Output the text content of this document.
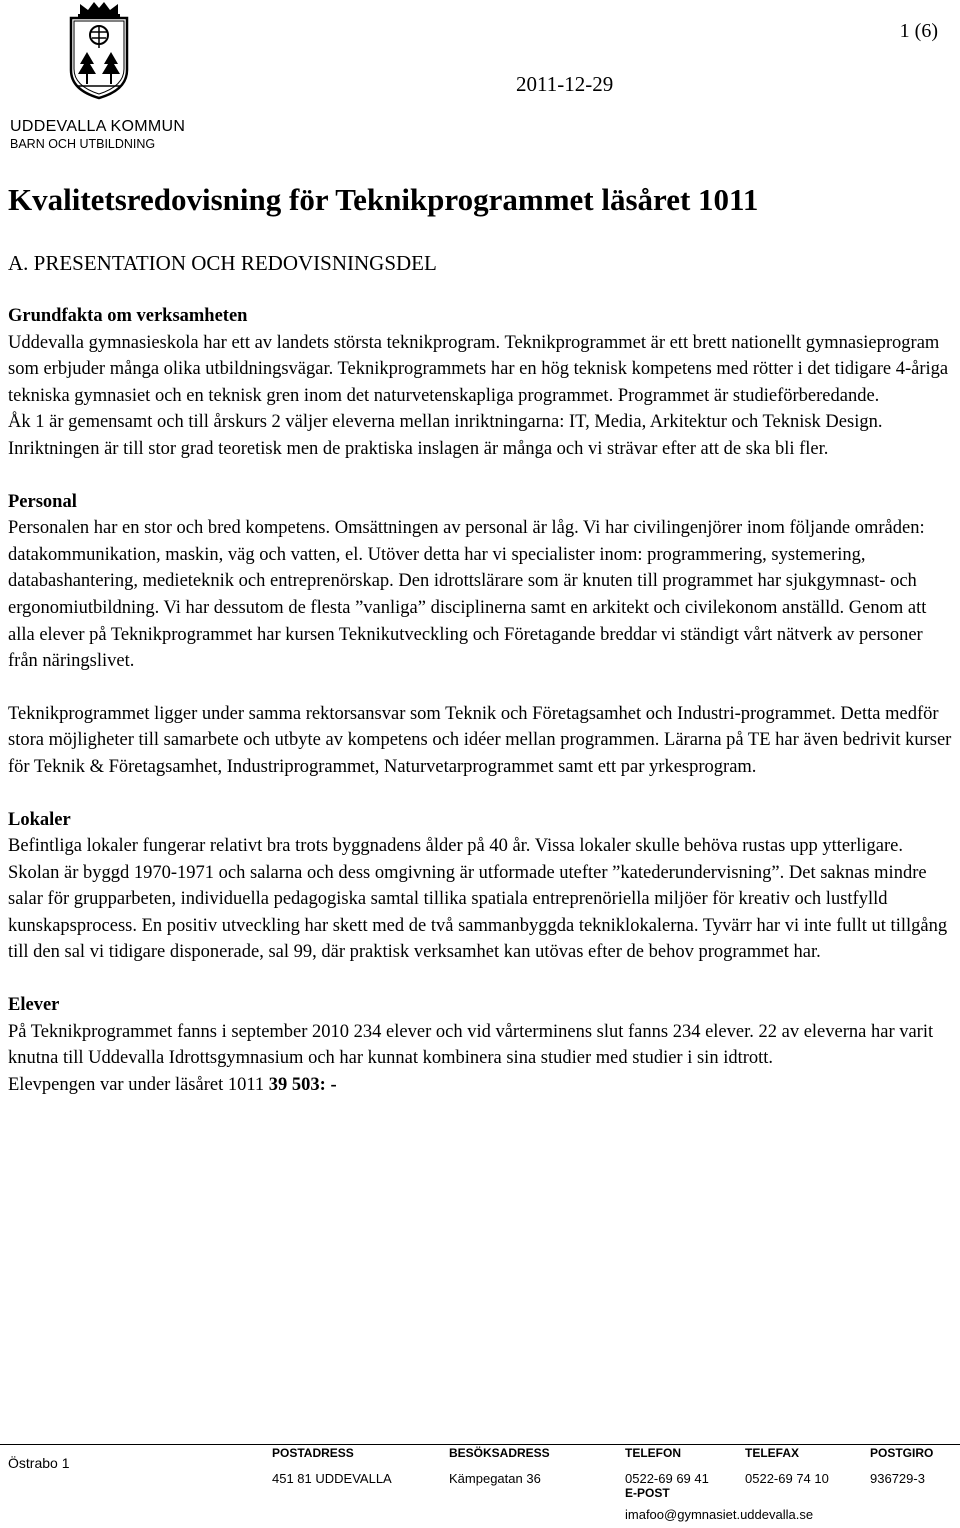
UDDEVALLA KOMMUN
BARN OCH UTBILDNING
1 (6)
2011-12-29
Kvalitetsredovisning för Teknikprogrammet läsåret 1011
A. PRESENTATION OCH REDOVISNINGSDEL

Grundfakta om verksamheten

Uddevalla gymnasieskola har ett av landets största teknikprogram. Teknikprogrammet är ett brett nationellt gymnasieprogram som erbjuder många olika utbildningsvägar. Teknikprogrammets har en hög teknisk kompetens med rötter i det tidigare 4-åriga tekniska gymnasiet och en teknisk gren inom det naturvetenskapliga programmet. Programmet är studieförberedande.

Åk 1 är gemensamt och till årskurs 2 väljer eleverna mellan inriktningarna: IT, Media, Arkitektur och Teknisk Design. Inriktningen är till stor grad teoretisk men de praktiska inslagen är många och vi strävar efter att de ska bli fler.

Personal

Personalen har en stor och bred kompetens. Omsättningen av personal är låg. Vi har civilingenjörer inom följande områden: datakommunikation, maskin, väg och vatten, el. Utöver detta har vi specialister inom: programmering, systemering, databashantering, medieteknik och entreprenörskap. Den idrottslärare som är knuten till programmet har sjukgymnast- och ergonomiutbildning. Vi har dessutom de flesta ”vanliga” disciplinerna samt en arkitekt och civilekonom anställd. Genom att alla elever på Teknikprogrammet har kursen Teknikutveckling och Företagande breddar vi ständigt vårt nätverk av personer från näringslivet.

Teknikprogrammet ligger under samma rektorsansvar som Teknik och Företagsamhet och Industri-programmet. Detta medför stora möjligheter till samarbete och utbyte av kompetens och idéer mellan programmen. Lärarna på TE har även bedrivit kurser för Teknik & Företagsamhet, Industriprogrammet, Naturvetarprogrammet samt ett par yrkesprogram.

Lokaler

Befintliga lokaler fungerar relativt bra trots byggnadens ålder på 40 år. Vissa lokaler skulle behöva rustas upp ytterligare. Skolan är byggd 1970-1971 och salarna och dess omgivning är utformade utefter ”katederundervisning”. Det saknas mindre salar för grupparbeten, individuella pedagogiska samtal tillika spatiala entreprenöriella miljöer för kreativ och lustfylld kunskapsprocess. En positiv utveckling har skett med de två sammanbyggda tekniklokalerna. Tyvärr har vi inte fullt ut tillgång till den sal vi tidigare disponerade, sal 99, där praktisk verksamhet kan utövas efter de behov programmet har.

Elever

På Teknikprogrammet fanns i september 2010 234 elever och vid vårterminens slut fanns 234 elever. 22 av eleverna har varit knutna till Uddevalla Idrottsgymnasium och har kunnat kombinera sina studier med studier i sin idtrott.

Elevpengen var under läsåret 1011 39 503: -

Östrabo 1
POSTADRESS
451 81 UDDEVALLA
BESÖKSADRESS
Kämpegatan 36
TELEFON
0522-69 69 41
TELEFAX
0522-69 74 10
POSTGIRO
936729-3
E-POST
imafoo@gymnasiet.uddevalla.se
